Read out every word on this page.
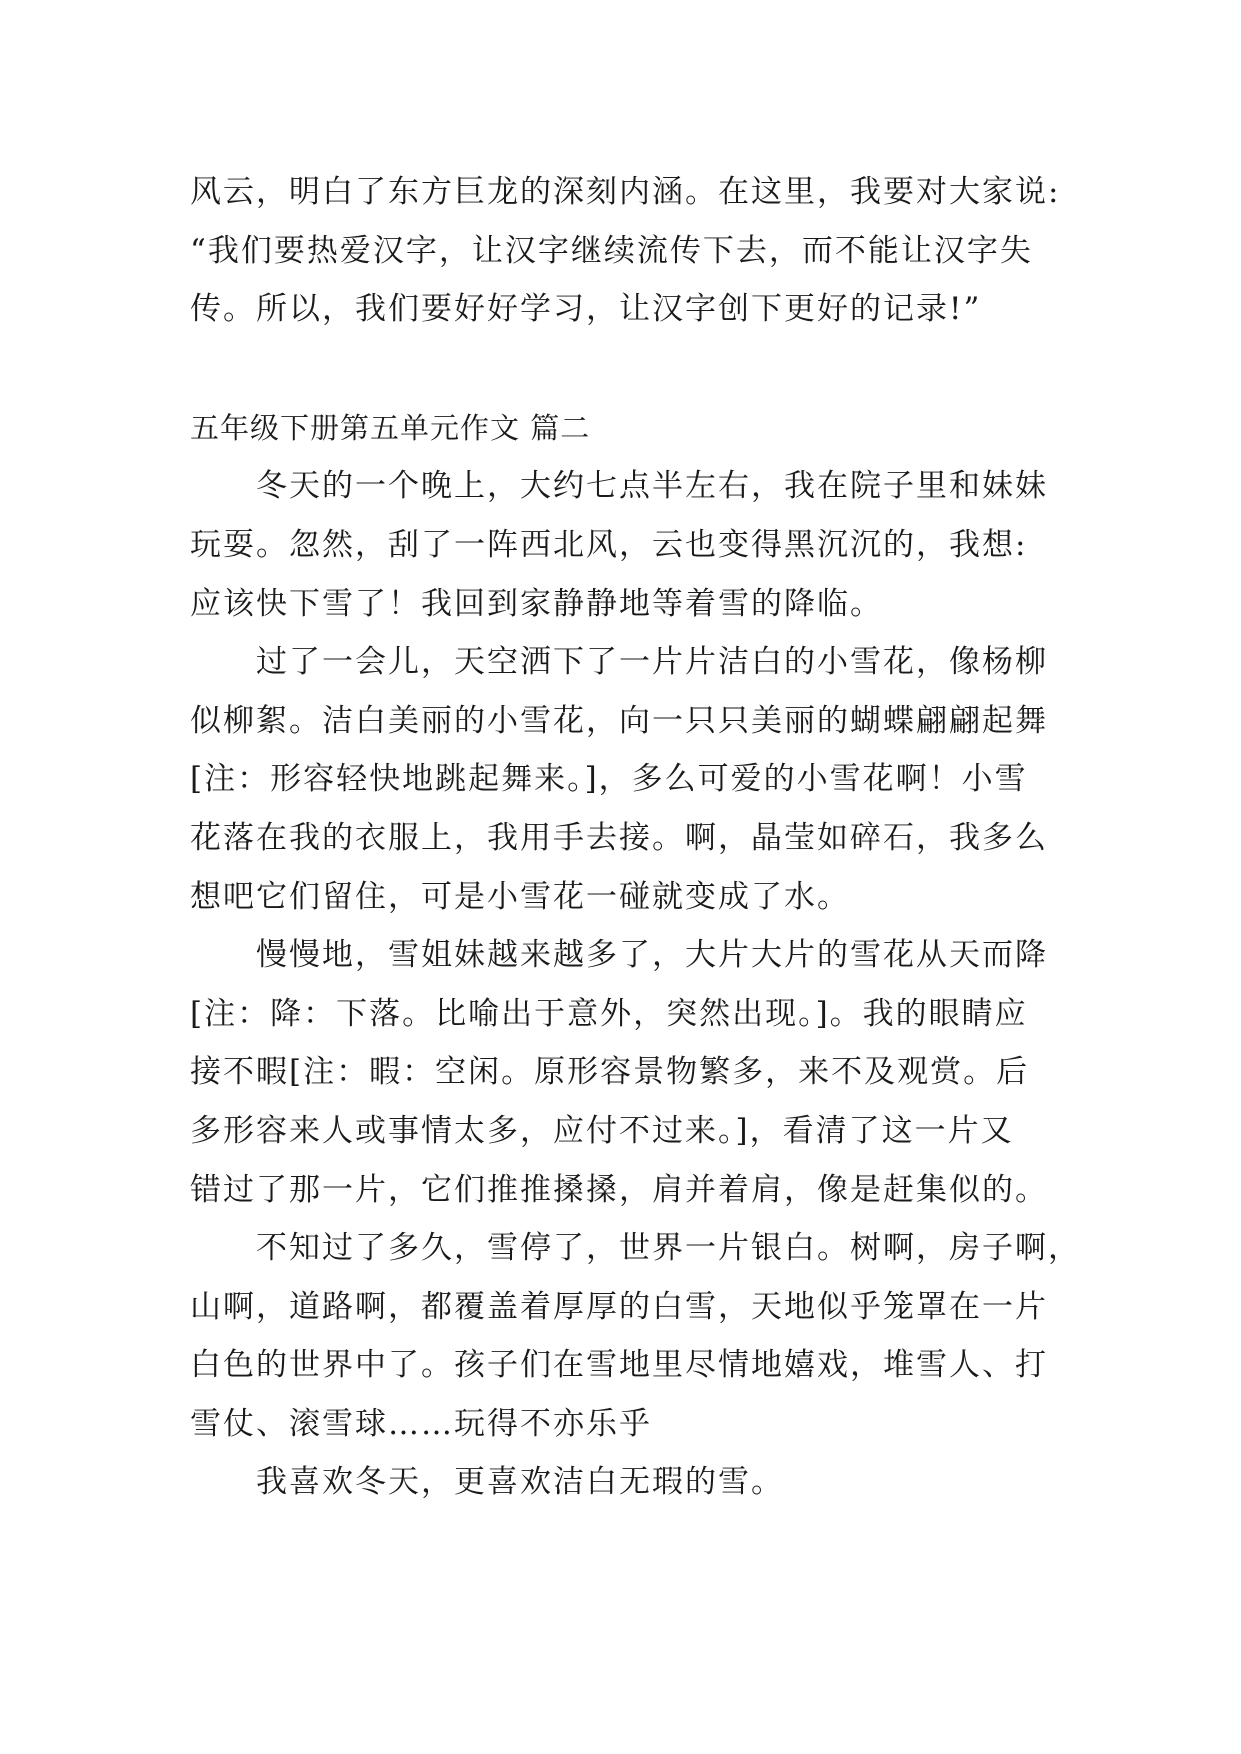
风云，明白了东方巨龙的深刻内涵。在这里，我要对大家说:
“我们要热爱汉字，让汉字继续流传下去，而不能让汉字失
传。所以，我们要好好学习，让汉字创下更好的记录!”
五年级下册第五单元作文 篇二
冬天的一个晚上，大约七点半左右，我在院子里和妹妹
玩耍。忽然，刮了一阵西北风，云也变得黑沉沉的，我想:
应该快下雪了！我回到家静静地等着雪的降临。
过了一会儿，天空洒下了一片片洁白的小雪花，像杨柳
似柳絮。洁白美丽的小雪花，向一只只美丽的蝴蝶翩翩起舞
[注：形容轻快地跳起舞来。]，多么可爱的小雪花啊！小雪
花落在我的衣服上，我用手去接。啊，晶莹如碎石，我多么
想吧它们留住，可是小雪花一碰就变成了水。
慢慢地，雪姐妹越来越多了，大片大片的雪花从天而降
[注：降：下落。比喻出于意外，突然出现。]。我的眼睛应
接不暇[注：暇：空闲。原形容景物繁多，来不及观赏。后
多形容来人或事情太多，应付不过来。]，看清了这一片又
错过了那一片，它们推推搡搡，肩并着肩，像是赶集似的。
不知过了多久，雪停了，世界一片银白。树啊，房子啊，
山啊，道路啊，都覆盖着厚厚的白雪，天地似乎笼罩在一片
白色的世界中了。孩子们在雪地里尽情地嬉戏，堆雪人、打
雪仗、滚雪球……玩得不亦乐乎
我喜欢冬天，更喜欢洁白无瑕的雪。
